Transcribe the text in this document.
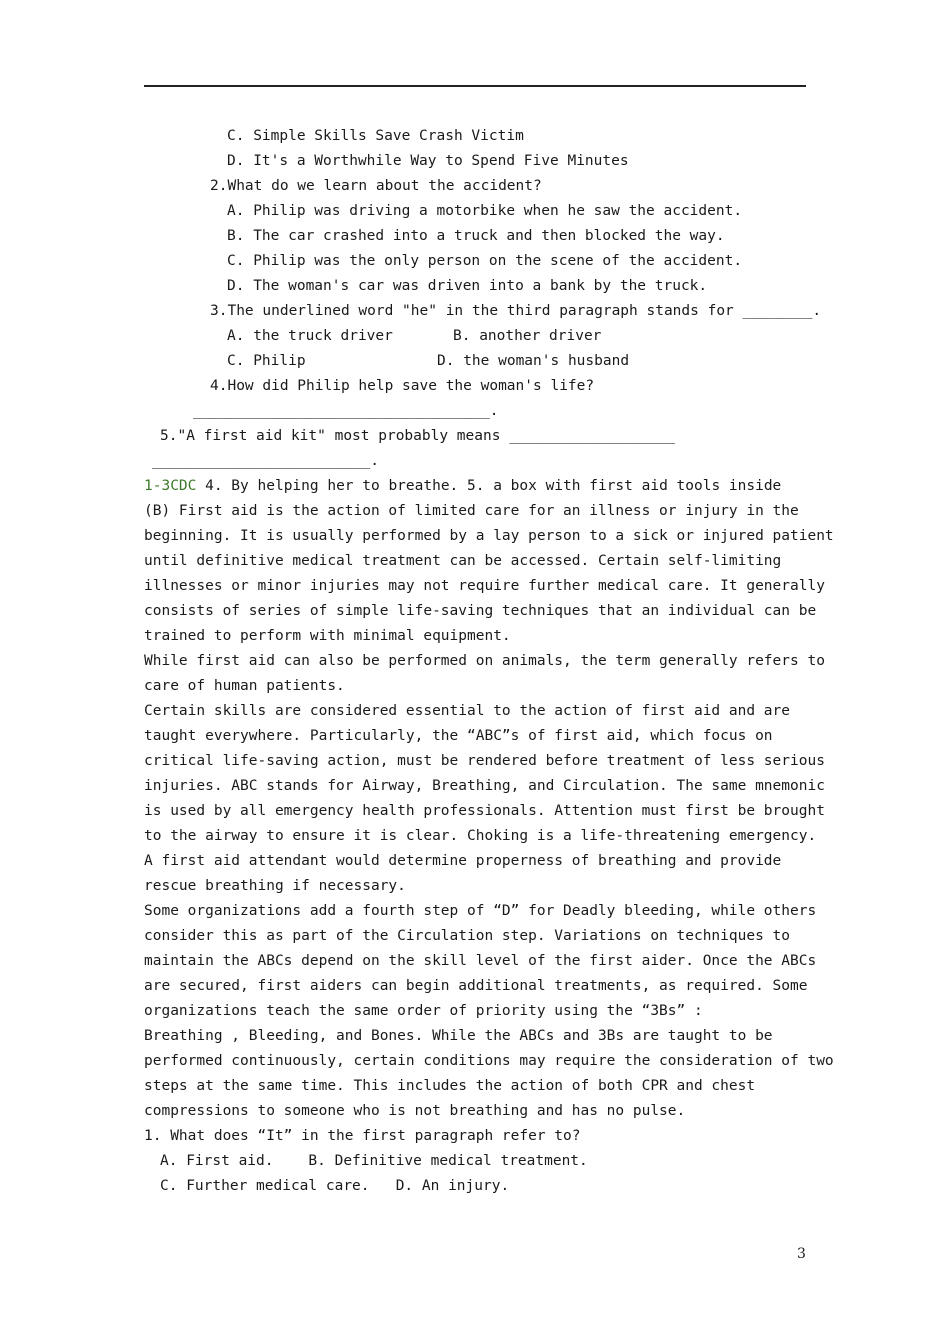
C. Simple Skills Save Crash Victim
D. It's a Worthwhile Way to Spend Five Minutes
2.What do we learn about the accident?
A. Philip was driving a motorbike when he saw the accident.
B. The car crashed into a truck and then blocked the way.
C. Philip was the only person on the scene of the accident.
D. The woman's car was driven into a bank by the truck.
3.The underlined word "he" in the third paragraph stands for ________.
A. the truck driver	B. another driver
C. Philip	D. the woman's husband
4.How did Philip help save the woman's life?
__________________________________.
5."A first aid kit" most probably means ___________________
_________________________.
1-3CDC 4. By helping her to breathe. 5. a box with first aid tools inside
(B) First aid is the action of limited care for an illness or injury in the
beginning. It is usually performed by a lay person to a sick or injured patient
until definitive medical treatment can be accessed. Certain self-limiting
illnesses or minor injuries may not require further medical care. It generally
consists of series of simple life-saving techniques that an individual can be
trained to perform with minimal equipment.
While first aid can also be performed on animals, the term generally refers to
care of human patients.
Certain skills are considered essential to the action of first aid and are
taught everywhere. Particularly, the “ABC”s of first aid, which focus on
critical life-saving action, must be rendered before treatment of less serious
injuries. ABC stands for Airway, Breathing, and Circulation. The same mnemonic
is used by all emergency health professionals. Attention must first be brought
to the airway to ensure it is clear. Choking is a life-threatening emergency.
A first aid attendant would determine properness of breathing and provide
rescue breathing if necessary.
Some organizations add a fourth step of “D” for Deadly bleeding, while others
consider this as part of the Circulation step. Variations on techniques to
maintain the ABCs depend on the skill level of the first aider. Once the ABCs
are secured, first aiders can begin additional treatments, as required. Some
organizations teach the same order of priority using the “3Bs” :
Breathing , Bleeding, and Bones. While the ABCs and 3Bs are taught to be
performed continuously, certain conditions may require the consideration of two
steps at the same time. This includes the action of both CPR and chest
compressions to someone who is not breathing and has no pulse.
1. What does “It” in the first paragraph refer to?
A. First aid.    B. Definitive medical treatment.
C. Further medical care.   D. An injury.
3
